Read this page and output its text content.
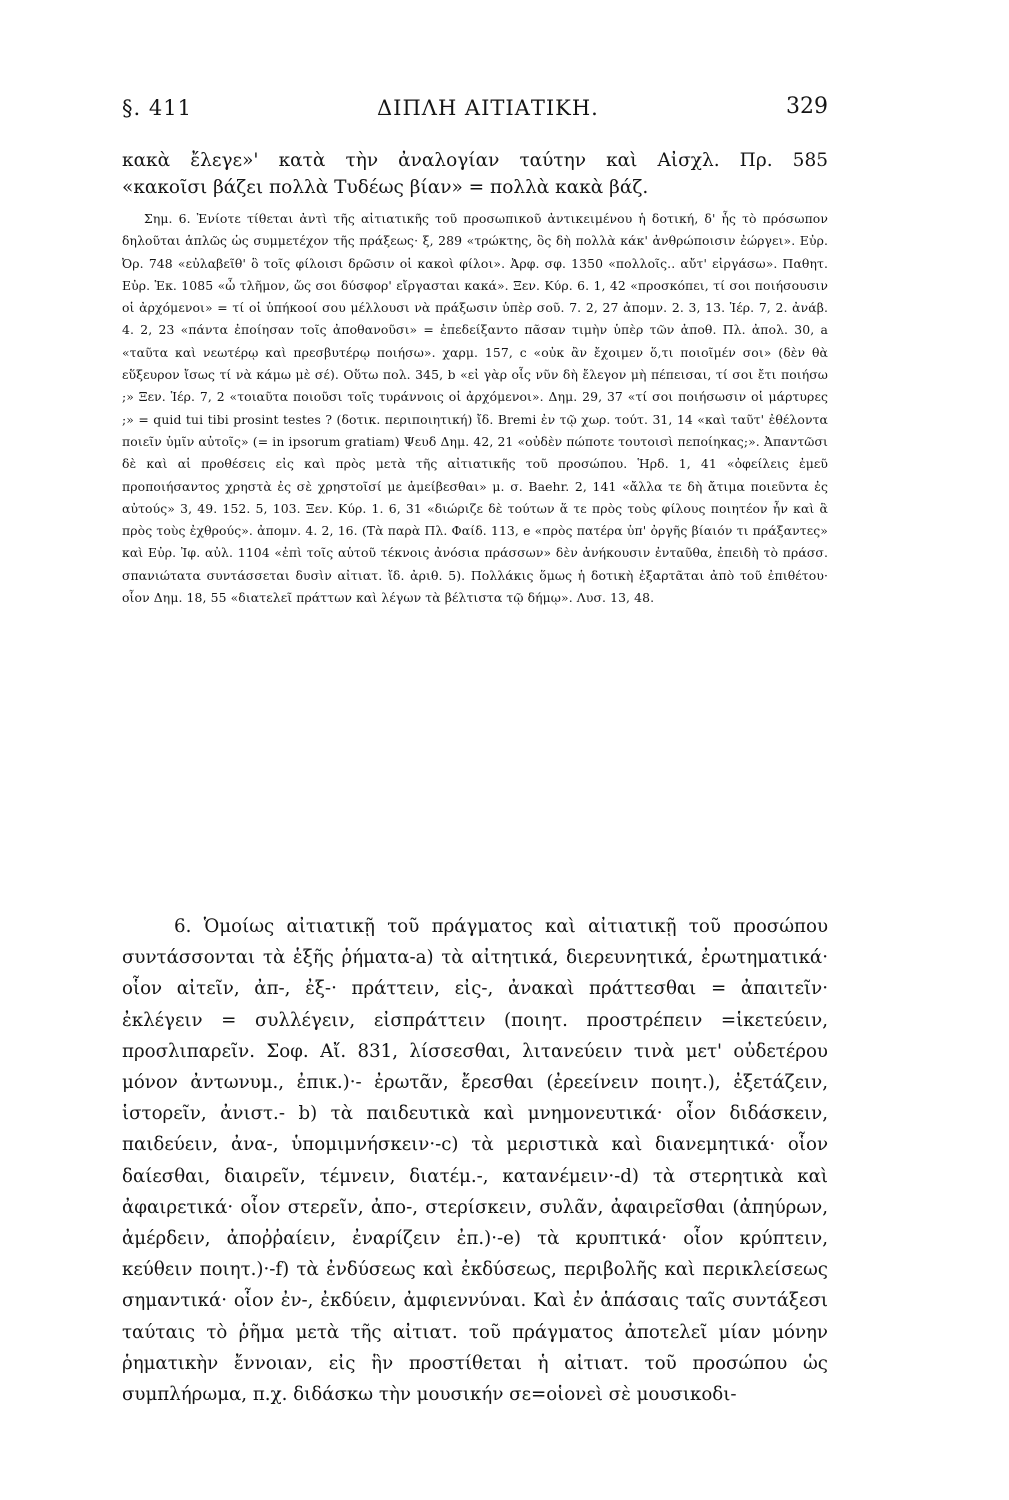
§. 411	ΔΙΠΛΗ ΑΙΤΙΑΤΙΚΗ.	329

κακὰ ἔλεγε»' κατὰ τὴν ἀναλογίαν ταύτην καὶ Αἰσχλ. Πρ. 585

«κακοῖσι βάζει πολλὰ Τυδέως βίαν» = πολλὰ κακὰ βάζ.

Σημ. 6. Ἐνίοτε τίθεται ἀντὶ τῆς αἰτιατικῆς τοῦ προσωπικοῦ ἀντικειμένου ἡ δοτική, δ' ἧς τὸ πρόσωπον δηλοῦται ἁπλῶς ὡς συμμετέχον τῆς πράξεως· ξ, 289 «τρώκτης, ὃς δὴ πολλὰ κάκ' ἀνθρώποισιν ἐώργει». Εὐρ. Ὀρ. 748 «εὐλαβεῖθ' ὃ τοῖς φίλοισι δρῶσιν οἱ κακοὶ φίλοι». Ἀρφ. σφ. 1350 «πολλοῖς.. αὔτ' εἰργάσω». Παθητ. Εὐρ. Ἑκ. 1085 «ὦ τλῆμον, ὥς σοι δύσφορ' εἴργασται κακά». Ξεν. Κύρ. 6. 1, 42 «προσκόπει, τί σοι ποιήσουσιν οἱ ἀρχόμενοι» = τί οἱ ὑπήκοοί σου μέλλουσι νὰ πράξωσιν ὑπὲρ σοῦ. 7. 2, 27 ἀπομν. 2. 3, 13. Ἱέρ. 7, 2. ἀνάβ. 4. 2, 23 «πάντα ἐποίησαν τοῖς ἀποθανοῦσι» = ἐπεδείξαντο πᾶσαν τιμὴν ὑπὲρ τῶν ἀποθ. Πλ. ἀπολ. 30, a «ταῦτα καὶ νεωτέρῳ καὶ πρεσβυτέρῳ ποιήσω». χαρμ. 157, c «οὐκ ἂν ἔχοιμεν ὅ,τι ποιοῖμέν σοι» (δὲν θὰ εὕξευρον ἴσως τί νὰ κάμω μὲ σέ). Οὕτω πολ. 345, b «εἰ γὰρ οἷς νῦν δὴ ἔλεγον μὴ πέπεισαι, τί σοι ἔτι ποιήσω ;» Ξεν. Ἱέρ. 7, 2 «τοιαῦτα ποιοῦσι τοῖς τυράννοις οἱ ἀρχόμενοι». Δημ. 29, 37 «τί σοι ποιήσωσιν οἱ μάρτυρες ;» = quid tui tibi prosint testes ? (δοτικ. περιποιητική) ἴδ. Bremi ἐν τῷ χωρ. τούτ. 31, 14 «καὶ ταῦτ' ἐθέλοντα ποιεῖν ὑμῖν αὐτοῖς» (= in ipsorum gratiam) Ψευδ Δημ. 42, 21 «οὐδὲν πώποτε τουτοισὶ πεποίηκας;». Ἀπαντῶσι δὲ καὶ αἱ προθέσεις εἰς καὶ πρὸς μετὰ τῆς αἰτιατικῆς τοῦ προσώπου. Ἡρδ. 1, 41 «ὀφείλεις ἐμεῦ προποιήσαντος χρηστὰ ἐς σὲ χρηστοῖσί με ἀμείβεσθαι» μ. σ. Baehr. 2, 141 «ἄλλα τε δὴ ἄτιμα ποιεῦντα ἐς αὐτούς» 3, 49. 152. 5, 103. Ξεν. Κύρ. 1. 6, 31 «διώριζε δὲ τούτων ἅ τε πρὸς τοὺς φίλους ποιητέον ἦν καὶ ἃ πρὸς τοὺς ἐχθρούς». ἀπομν. 4. 2, 16. (Τὰ παρὰ Πλ. Φαίδ. 113, e «πρὸς πατέρα ὑπ' ὀργῆς βίαιόν τι πράξαντες» καὶ Εὐρ. Ἰφ. αὐλ. 1104 «ἐπὶ τοῖς αὑτοῦ τέκνοις ἀνόσια πράσσων» δὲν ἀνήκουσιν ἐνταῦθα, ἐπειδὴ τὸ πράσσ. σπανιώτατα συντάσσεται δυσὶν αἰτιατ. ἴδ. ἀριθ. 5). Πολλάκις ὅμως ἡ δοτικὴ ἐξαρτᾶται ἀπὸ τοῦ ἐπιθέτου· οἷον Δημ. 18, 55 «διατελεῖ πράττων καὶ λέγων τὰ βέλτιστα τῷ δήμῳ». Λυσ. 13, 48.

6. Ὁμοίως αἰτιατικῇ τοῦ πράγματος καὶ αἰτιατικῇ τοῦ προσώπου συντάσσονται τὰ ἑξῆς ῥήματα-a) τὰ αἰτητικά, διερευνητικά, ἐρωτηματικά· οἷον αἰτεῖν, ἀπ-, ἐξ-· πράττειν, εἰς-, ἀνακαὶ πράττεσθαι = ἀπαιτεῖν· ἐκλέγειν = συλλέγειν, εἰσπράττειν (ποιητ. προστρέπειν =ἱκετεύειν, προσλιπαρεῖν. Σοφ. Αἴ. 831, λίσσεσθαι, λιτανεύειν τινὰ μετ' οὐδετέρου μόνον ἀντωνυμ., ἐπικ.)·- ἐρωτᾶν, ἔρεσθαι (ἐρεείνειν ποιητ.), ἐξετάζειν, ἱστορεῖν, ἀνιστ.- b) τὰ παιδευτικὰ καὶ μνημονευτικά· οἷον διδάσκειν, παιδεύειν, ἀνα-, ὑπομιμνήσκειν·-c) τὰ μεριστικὰ καὶ διανεμητικά· οἷον δαίεσθαι, διαιρεῖν, τέμνειν, διατέμ.-, κατανέμειν·-d) τὰ στερητικὰ καὶ ἀφαιρετικά· οἷον στερεῖν, ἀπο-, στερίσκειν, συλᾶν, ἀφαιρεῖσθαι (ἀπηύρων, ἀμέρδειν, ἀποῤῥαίειν, ἐναρίζειν ἐπ.)·-e) τὰ κρυπτικά· οἷον κρύπτειν, κεύθειν ποιητ.)·-f) τὰ ἐνδύσεως καὶ ἐκδύσεως, περιβολῆς καὶ περικλείσεως σημαντικά· οἷον ἐν-, ἐκδύειν, ἀμφιεννύναι. Καὶ ἐν ἁπάσαις ταῖς συντάξεσι ταύταις τὸ ῥῆμα μετὰ τῆς αἰτιατ. τοῦ πράγματος ἀποτελεῖ μίαν μόνην ῥηματικὴν ἔννοιαν, εἰς ἣν προστίθεται ἡ αἰτιατ. τοῦ προσώπου ὡς συμπλήρωμα, π.χ. διδάσκω τὴν μουσικήν σε=οἱονεὶ σὲ μουσικοδι-
